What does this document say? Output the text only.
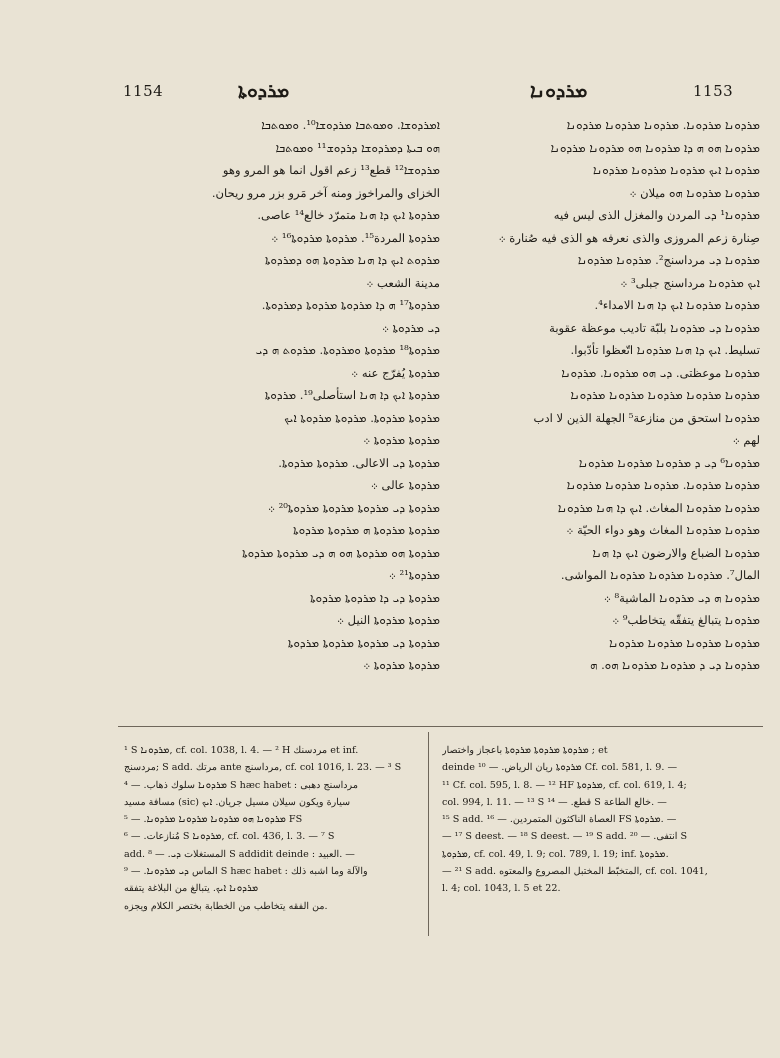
1154	ܡܪܕܘܬܐ	ܡܪܕܘܢܐ	1153
ܐܡܪܕܘܫܐ. ܘܡܘܬܒܐ ܡܪܕܘܫܐ¹⁰. ܘܡܘܬܒܐ
ܗܘ ܒܝܬܐ ܕܡܪܕܘܫܐ ܕܪܕܘܫ¹¹ ܘܡܘܬܒܐ
ܡܪܕܘܫܐ¹² قطع¹³ زعم اقول انما هو المرو وهو
الخزاى والمراخوز ومنه آخر مَرو بزر مرو ريحان.
ܡܪܕܘܬܐ ܐܝܟ ܕܐ ܗܢܐ متمرّد خالع¹⁴ عاصى.
ܡܪܕܘܬܐ المردة¹⁵. ܡܪܕܘܬܐ ܡܪܕܘܬܐ¹⁶ ܀
ܡܪܕܘܬ ܐܝܟ ܕܐ ܗܢܐ ܡܪܕܘܬܐ ܗܘ ܕܡܪܕܘܬܐ
مدينة الشعب ܀
ܡܪܕܘܬܐ¹⁷ ܗ ܕܐ ܡܪܕܘܬܐ ܡܪܕܘܬܐ ܕܡܪܕܘܬܐ.
ܕܝ ܡܪܕܘܬܐ ܀
ܡܪܕܘܬܐ¹⁸ ܡܪܕܘܬܐ ܘܡܪܕܘܬܐ. ܡܪܕܘܬ ܗ ܕܝ
ܡܪܕܘܬܐ يُفرّج عنه ܀
ܡܪܕܘܬܐ ܐܝܟ ܕܐ ܗܢܐ استأصلى¹⁹. ܡܪܕܘܬܐ
ܡܪܕܘܬܐ ܡܪܕܘܬܐ. ܡܪܕܘܬܐ ܡܪܕܘܬܐ ܐܝܟ
ܡܪܕܘܬܐ ܡܪܕܘܬܐ ܀
ܡܪܕܘܬܐ ܕܝ الاعالى. ܡܪܕܘܬܐ ܡܪܕܘܬܐ.
ܡܪܕܘܬܐ عالى ܀
ܡܪܕܘܬܐ ܕܝ ܡܪܕܘܬܐ ܡܪܕܘܬܐ ܡܪܕܘܬܐ²⁰ ܀
ܡܪܕܘܬܐ ܡܪܕܘܬܐ ܗ ܡܪܕܘܬܐ ܡܪܕܘܬܐ
ܡܪܕܘܬܐ ܗܘ ܡܪܕܘܬܐ ܗܘ ܗ ܕܝ ܡܪܕܘܬܐ ܡܪܕܘܬܐ
ܡܪܕܘܬܐ²¹ ܀
ܡܪܕܘܬܐ ܕܝ ܕܐ ܡܪܕܘܬܐ ܡܪܕܘܬܐ
ܡܪܕܘܬܐ ܡܪܕܘܬܐ النيل ܀
ܡܪܕܘܬܐ ܕܝ ܡܪܕܘܬܐ ܡܪܕܘܬܐ ܡܪܕܘܬܐ
ܡܪܕܘܬܐ ܡܪܕܘܬܐ ܀
ܡܪܕܘܢܐ ܡܪܕܘܢܐ. ܡܪܕܘܢܐ ܡܪܕܘܢܐ ܡܪܕܘܢܐ
ܡܪܕܘܢܐ ܗܘ ܗ ܕܐ ܡܪܕܘܢܐ ܗܘ ܡܪܕܘܢܐ ܡܪܕܘܢܐ
ܡܪܕܘܢܐ ܐܝܟ ܡܪܕܘܢܐ ܡܪܕܘܢܐ ܡܪܕܘܢܐ
ܡܪܕܘܢܐ ܡܪܕܘܢܐ ܗܘ ميلان ܀
ܡܪܕܘܢܐ¹ ܕܝ المردن والمغزل الذى ليس فيه
صِنارة زعم المروزى والذى نعرفه هو الذى فيه صُنارة ܀
ܡܪܕܘܢܐ ܕܝ مرداسنج². ܡܪܕܘܢܐ ܡܪܕܘܢܐ
ܐܝܟ ܡܪܕܘܢܐ مرداسنج جبلى³ ܀
ܡܪܕܘܢܐ ܡܪܕܘܢܐ ܐܝܟ ܕܐ ܗܢܐ الامداء⁴.
ܡܪܕܘܢܐ ܕܝ ܡܪܕܘܢܐ بلبّة تاديب موعظة عقوبة
تسليط. ܐܝܟ ܕܐ ܗܢܐ ܡܪܕܘܢܐ اتّعظوا تأدّبوا.
ܡܪܕܘܢܐ موعظتى. ܕܝ ܗܘ ܡܪܕܘܢܐ. ܡܪܕܘܢܐ
ܡܪܕܘܢܐ ܡܪܕܘܢܐ ܡܪܕܘܢܐ ܡܪܕܘܢܐ ܡܪܕܘܢܐ
ܡܪܕܘܢܐ استحق من منازعة⁵ الجهلة الذين لا ادب
لهم ܀
ܡܪܕܘܢܐ⁶ ܕܝ ܕ ܡܪܕܘܢܐ ܡܪܕܘܢܐ ܡܪܕܘܢܐ
ܡܪܕܘܢܐ ܡܪܕܘܢܐ. ܡܪܕܘܢܐ ܡܪܕܘܢܐ ܡܪܕܘܢܐ
ܡܪܕܘܢܐ ܡܪܕܘܢܐ المغاث. ܐܝܟ ܕܐ ܗܢܐ ܡܪܕܘܢܐ
ܡܪܕܘܢܐ ܡܪܕܘܢܐ المغاث وهو دواء الحيّة ܀
ܡܪܕܘܢܐ الضباع والارضون ܐܝܟ ܕܐ ܗܢܐ
المال⁷. ܡܪܕܘܢܐ ܡܪܕܘܢܐ ܡܪܕܘܢܐ المواشى.
ܡܪܕܘܢܐ ܗ ܕܝ ܡܪܕܘܢܐ الماشية⁸ ܀
ܡܪܕܘܢܐ يتبالغ يتفقّه يتخاطب⁹ ܀
ܡܪܕܘܢܐ ܡܪܕܘܢܐ ܡܪܕܘܢܐ ܡܪܕܘܢܐ
ܡܪܕܘܢܐ ܕܝ ܕ ܡܪܕܘܢܐ ܡܪܕܘܢܐ ܗܘ. ܗ
¹ S ܡܪܕܘܢܐ, cf. col. 1038, l. 4. — ² H مردسنك et inf.
مردسنج; S add. مرتك ante مرداسنج, cf. col 1016, l. 23. — ³ S
ܡܪܕܘܢܐ سلوك ذهاب. — ⁴ S hæc habet : مرداسنج دهبى
مسافة مسيد (sic) سيارة ويكون سيلان مسيل جريان. ܐܝܟ
ܡܪܕܘܢܐ ܗܘ ܡܪܕܘܢܐ ܡܪܕܘܢܐ ܡܪܕܘܢܐ. — ⁵ FS
مُنازعات. — ⁶ S ܡܪܕܘܢܐ, cf. col. 436, l. 3. — ⁷ S
add. المستغلات ܕܝ. — ⁸ S addidit deinde : العبيد. —
الماس ܕܝ ܡܪܕܘܢܐ. — ⁹ S hæc habet : والآلة وما اشبه ذلك
ܡܪܕܘܢܐ ܐܝܟ. يتبالغ من البلاغة يتفقه
من الفقه يتخاطب من الخطابة بختصر الكلام ويجزه.
ܡܪܕܘܬܐ ܡܪܕܘܬܐ ܡܪܕܘܬܐ باعجاز واختصار ; et
deinde ܡܪܕܘܬܐ ريان الرياض. — ¹⁰ Cf. col. 581, l. 9. —
¹¹ Cf. col. 595, l. 8. — ¹² HF ܡܪܕܘܬܐ, cf. col. 619, l. 4;
col. 994, l. 11. — ¹³ S قطع. — ¹⁴ S خالع الطاعة. —
¹⁵ S add. العصاة الناكثون المتمردين. — ¹⁶ FS ܡܪܕܘܬܐ. —
— ¹⁷ S deest. — ¹⁸ S deest. — ¹⁹ S add. انتفى. — ²⁰ S
ܡܪܕܘܬܐ, cf. col. 49, l. 9; col. 789, l. 19; inf. ܡܪܕܘܬܐ.
— ²¹ S add. المتخبّط المختبل المصروع والمعتوه, cf. col. 1041,
l. 4; col. 1043, l. 5 et 22.
